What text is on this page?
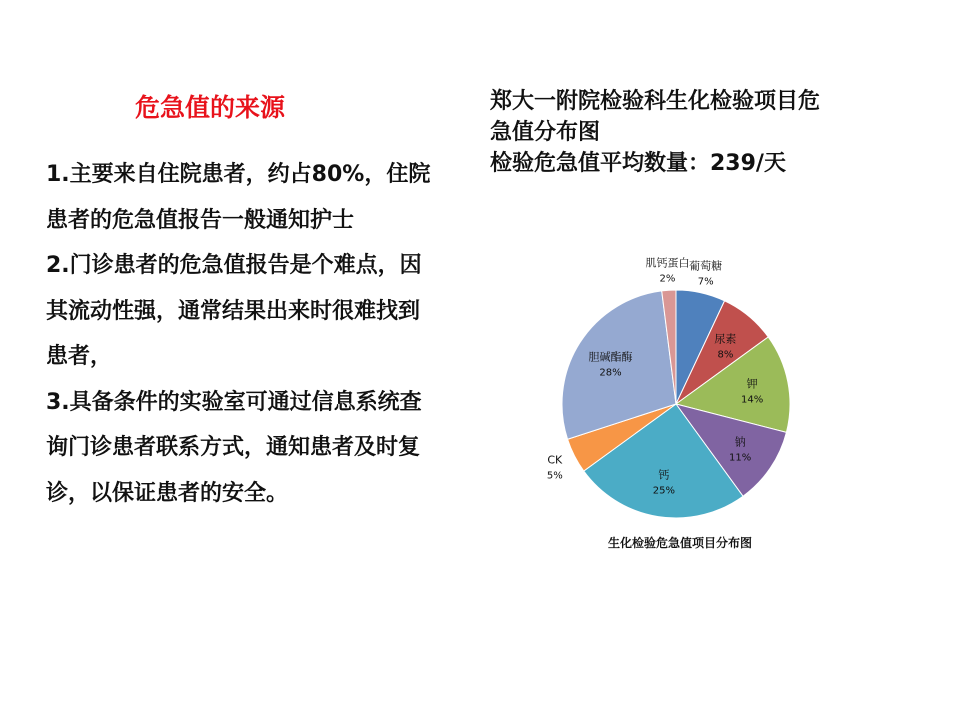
危急值的来源

1.主要来自住院患者，约占80%，住院患者的危急值报告一般通知护士

2.门诊患者的危急值报告是个难点，因其流动性强，通常结果出来时很难找到患者，

3.具备条件的实验室可通过信息系统查询门诊患者联系方式，通知患者及时复诊，以保证患者的安全。

郑大一附院检验科生化检验项目危
急值分布图
检验危急值平均数量：239/天
葡萄糖
7%
尿素
8%
钾
14%
钠
11%
钙
25%
CK
5%
胆碱酯酶
28%
肌钙蛋白
2%
生化检验危急值项目分布图
